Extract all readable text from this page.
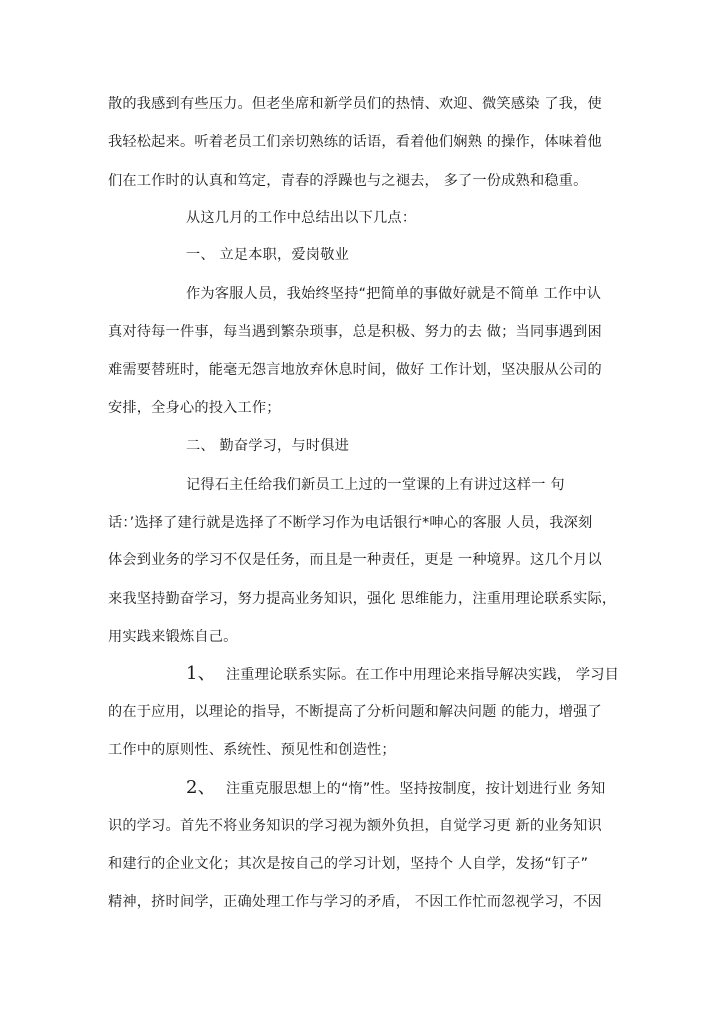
散的我感到有些压力。但老坐席和新学员们的热情、欢迎、微笑感染 了我，使
我轻松起来。听着老员工们亲切熟练的话语，看着他们娴熟 的操作，体味着他
们在工作时的认真和笃定，青春的浮躁也与之褪去， 多了一份成熟和稳重。
从这几月的工作中总结出以下几点：
一、 立足本职，爱岗敬业
作为客服人员，我始终坚持“把简单的事做好就是不简单 工作中认
真对待每一件事，每当遇到繁杂琐事，总是积极、努力的去 做；当同事遇到困
难需要替班时，能毫无怨言地放弃休息时间，做好 工作计划，坚决服从公司的
安排，全身心的投入工作；
二、 勤奋学习，与时俱进
记得石主任给我们新员工上过的一堂课的上有讲过这样一 句
话：’选择了建行就是选择了不断学习作为电话银行*呻心的客服 人员，我深刻
体会到业务的学习不仅是任务，而且是一种责任，更是 一种境界。这几个月以
来我坚持勤奋学习，努力提高业务知识，强化 思维能力，注重用理论联系实际，
用实践来锻炼自己。
1、 注重理论联系实际。在工作中用理论来指导解决实践， 学习目
的在于应用，以理论的指导，不断提高了分析问题和解决问题 的能力，增强了
工作中的原则性、系统性、预见性和创造性；
2、 注重克服思想上的“惰”性。坚持按制度，按计划进行业 务知
识的学习。首先不将业务知识的学习视为额外负担，自觉学习更 新的业务知识
和建行的企业文化；其次是按自己的学习计划，坚持个 人自学，发扬“钉子”
精神，挤时间学，正确处理工作与学习的矛盾， 不因工作忙而忽视学习，不因
